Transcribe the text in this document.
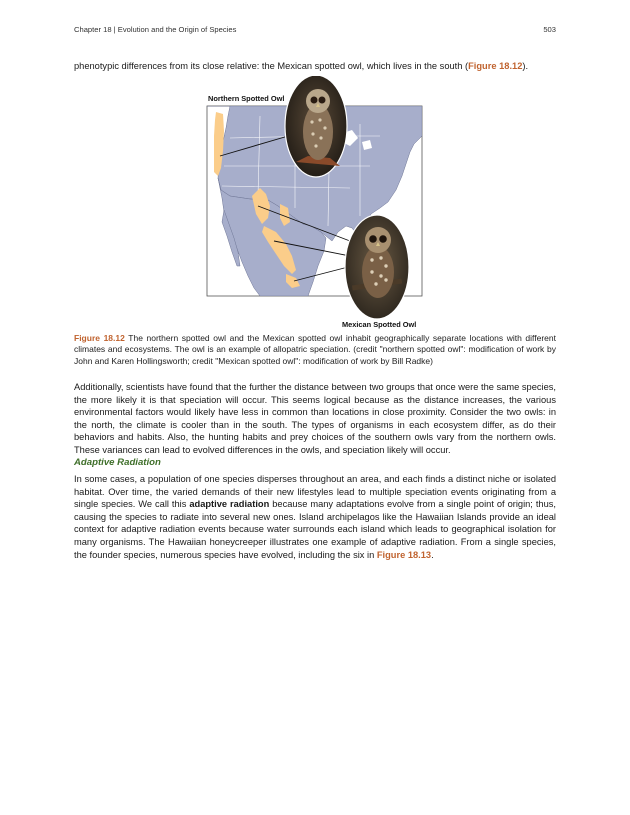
Chapter 18 | Evolution and the Origin of Species	503

phenotypic differences from its close relative: the Mexican spotted owl, which lives in the south (Figure 18.12).

Northern Spotted Owl
Mexican Spotted Owl

Figure 18.12 The northern spotted owl and the Mexican spotted owl inhabit geographically separate locations with different climates and ecosystems. The owl is an example of allopatric speciation. (credit "northern spotted owl": modification of work by John and Karen Hollingsworth; credit "Mexican spotted owl": modification of work by Bill Radke)

Additionally, scientists have found that the further the distance between two groups that once were the same species, the more likely it is that speciation will occur. This seems logical because as the distance increases, the various environmental factors would likely have less in common than locations in close proximity. Consider the two owls: in the north, the climate is cooler than in the south. The types of organisms in each ecosystem differ, as do their behaviors and habits. Also, the hunting habits and prey choices of the southern owls vary from the northern owls. These variances can lead to evolved differences in the owls, and speciation likely will occur.

Adaptive Radiation

In some cases, a population of one species disperses throughout an area, and each finds a distinct niche or isolated habitat. Over time, the varied demands of their new lifestyles lead to multiple speciation events originating from a single species. We call this adaptive radiation because many adaptations evolve from a single point of origin; thus, causing the species to radiate into several new ones. Island archipelagos like the Hawaiian Islands provide an ideal context for adaptive radiation events because water surrounds each island which leads to geographical isolation for many organisms. The Hawaiian honeycreeper illustrates one example of adaptive radiation. From a single species, the founder species, numerous species have evolved, including the six in Figure 18.13.
